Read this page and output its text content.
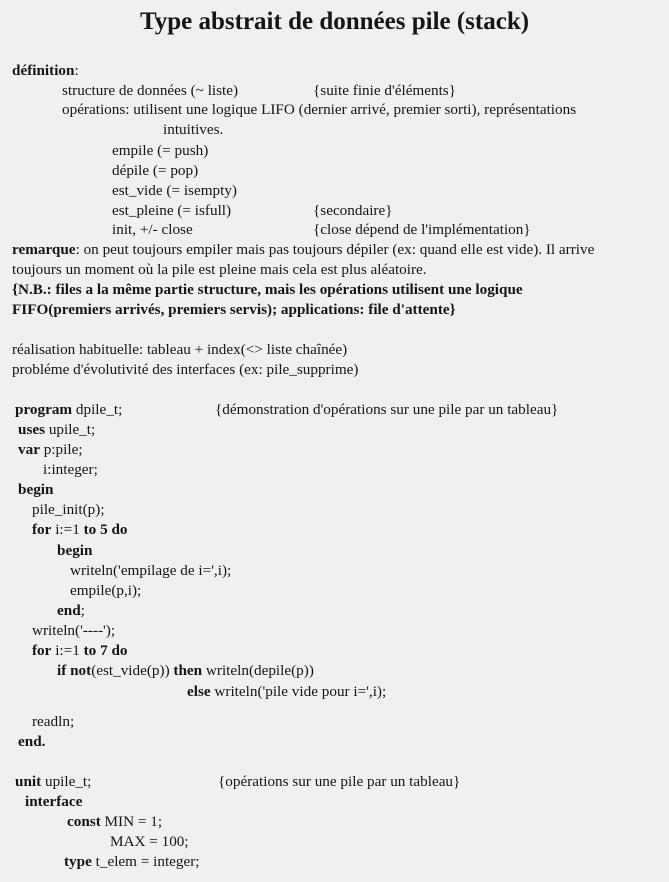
Type abstrait de données pile (stack)
définition:
structure de données (~ liste)	{suite finie d'éléments}
opérations: utilisent une logique LIFO (dernier arrivé, premier sorti), représentations
intuitives.
empile (= push)
dépile (= pop)
est_vide (= isempty)
est_pleine (= isfull)	{secondaire}
init, +/- close	{close dépend de l'implémentation}
remarque: on peut toujours empiler mais pas toujours dépiler (ex: quand elle est vide). Il arrive
toujours un moment où la pile est pleine mais cela est plus aléatoire.
{N.B.: files a la même partie structure, mais les opérations utilisent une logique
FIFO(premiers arrivés, premiers servis); applications: file d'attente}
réalisation habituelle: tableau + index(<> liste chaînée)
probléme d'évolutivité des interfaces (ex: pile_supprime)
program dpile_t;	{démonstration d'opérations sur une pile par un tableau}
uses upile_t;
var p:pile;
i:integer;
begin
pile_init(p);
for i:=1 to 5 do
begin
writeln('empilage de i=',i);
empile(p,i);
end;
writeln('----');
for i:=1 to 7 do
if not(est_vide(p)) then writeln(depile(p))
else writeln('pile vide pour i=',i);
readln;
end.
unit upile_t;	{opérations sur une pile par un tableau}
interface
const MIN = 1;
MAX = 100;
type t_elem = integer;
